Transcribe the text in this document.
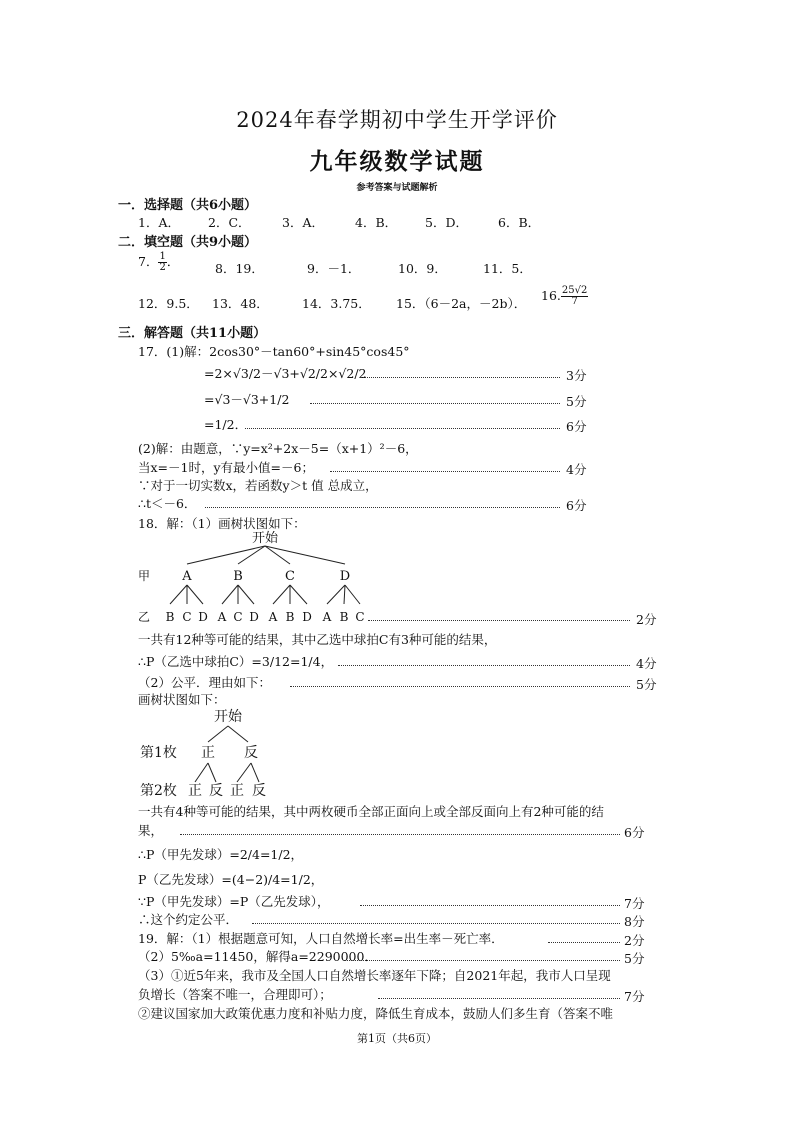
2024年春学期初中学生开学评价
九年级数学试题
参考答案与试题解析
一．选择题（共6小题）
1．A． 2．C．	3．A． 4．B． 5．D． 6．B．
二．填空题（共9小题）
7． $\frac{1}{2}$ ．	8．19．	9．－1．	10．9．	11．5．
12．9.5． 13．48．	14．3.75． 15．（6－2a，－2b）．
16. $\frac{25√2}{7}$
三．解答题（共11小题）
17．(1)解：2cos30°－tan60°+sin45°cos45°
=2×√3/2－√3+√2/2×√2/2	3分
=√3－√3+1/2	5分
=1/2．	6分
(2)解：由题意，∵y=x²+2x－5=（x+1）²－6，
当x=－1时，y有最小值=－6；	4分
∵对于一切实数x，若函数y＞t 值 总成立，
∴t＜－6．	6分
18．解：（1）画树状图如下：
开始
甲 A	B	C	D
乙 B C D A C D A B D A B C	2分
一共有12种等可能的结果，其中乙选中球拍C有3种可能的结果，
∴P（乙选中球拍C）=3/12=1/4，	4分
（2）公平．理由如下：	5分
画树状图如下：
开始
第1枚 正 反
第2枚 正 反 正 反
一共有4种等可能的结果，其中两枚硬币全部正面向上或全部反面向上有2种可能的结
果，	6分
∴P（甲先发球）=2/4=1/2，
P（乙先发球）=(4−2)/4=1/2，
∵P（甲先发球）=P（乙先发球），	7分
∴这个约定公平．	8分
19．解：（1）根据题意可知，人口自然增长率=出生率－死亡率．	2分
（2）5‰a=11450，解得a=2290000．	5分
（3）①近5年来，我市及全国人口自然增长率逐年下降；自2021年起，我市人口呈现
负增长（答案不唯一，合理即可）；	7分
②建议国家加大政策优惠力度和补贴力度，降低生育成本，鼓励人们多生育（答案不唯
第1页（共6页）
